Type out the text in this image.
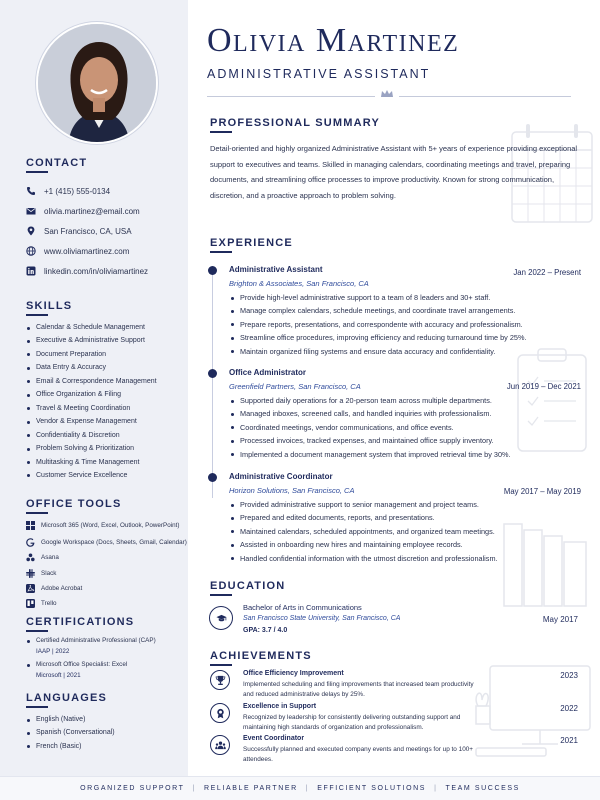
CONTACT
+1 (415) 555-0134
olivia.martinez@email.com
San Francisco, CA, USA
www.oliviamartinez.com
linkedin.com/in/oliviamartinez
SKILLS
Calendar & Schedule Management
Executive & Administrative Support
Document Preparation
Data Entry & Accuracy
Email & Correspondence Management
Office Organization & Filing
Travel & Meeting Coordination
Vendor & Expense Management
Confidentiality & Discretion
Problem Solving & Prioritization
Multitasking & Time Management
Customer Service Excellence
OFFICE TOOLS
Microsoft 365 (Word, Excel, Outlook, PowerPoint)
Google Workspace (Docs, Sheets, Gmail, Calendar)
Asana
Slack
Adobe Acrobat
Trello
CERTIFICATIONS
Certified Administrative Professional (CAP)
IAAP | 2022
Microsoft Office Specialist: Excel
Microsoft | 2021
LANGUAGES
English (Native)
Spanish (Conversational)
French (Basic)
Olivia Martinez
ADMINISTRATIVE ASSISTANT
PROFESSIONAL SUMMARY
Detail-oriented and highly organized Administrative Assistant with 5+ years of experience providing exceptional support to executives and teams. Skilled in managing calendars, coordinating meetings and travel, preparing documents, and streamlining office processes to improve productivity. Known for strong communication, discretion, and a proactive approach to problem solving.
EXPERIENCE
Administrative Assistant
Brighton & Associates, San Francisco, CA
Jan 2022 – Present
Provide high-level administrative support to a team of 8 leaders and 30+ staff.
Manage complex calendars, schedule meetings, and coordinate travel arrangements.
Prepare reports, presentations, and correspondente with accuracy and professionalism.
Streamline office procedures, improving efficiency and reducing turnaround time by 25%.
Maintain organized filing systems and ensure data accuracy and confidentiality.
Office Administrator
Greenfield Partners, San Francisco, CA	Jun 2019 – Dec 2021
Supported daily operations for a 20-person team across multiple departments.
Managed inboxes, screened calls, and handled inquiries with professionalism.
Coordinated meetings, vendor communications, and office events.
Processed invoices, tracked expenses, and maintained office supply inventory.
Implemented a document management system that improved retrieval time by 30%.
Administrative Coordinator
Horizon Solutions, San Francisco, CA	May 2017 – May 2019
Provided administrative support to senior management and project teams.
Prepared and edited documents, reports, and presentations.
Maintained calendars, scheduled appointments, and organized team meetings.
Assisted in onboarding new hires and maintaining employee records.
Handled confidential information with the utmost discretion and professionalism.
EDUCATION
Bachelor of Arts in Communications
San Francisco State University, San Francisco, CA
GPA: 3.7 / 4.0
May 2017
ACHIEVEMENTS
Office Efficiency Improvement
Implemented scheduling and filing improvements that increased team productivity and reduced administrative delays by 25%.
2023
Excellence in Support
Recognized by leadership for consistently delivering outstanding support and maintaining high standards of organization and professionalism.
2022
Event Coordinator
Successfully planned and executed company events and meetings for up to 100+ attendees.
2021
ORGANIZED SUPPORT | RELIABLE PARTNER | EFFICIENT SOLUTIONS | TEAM SUCCESS
